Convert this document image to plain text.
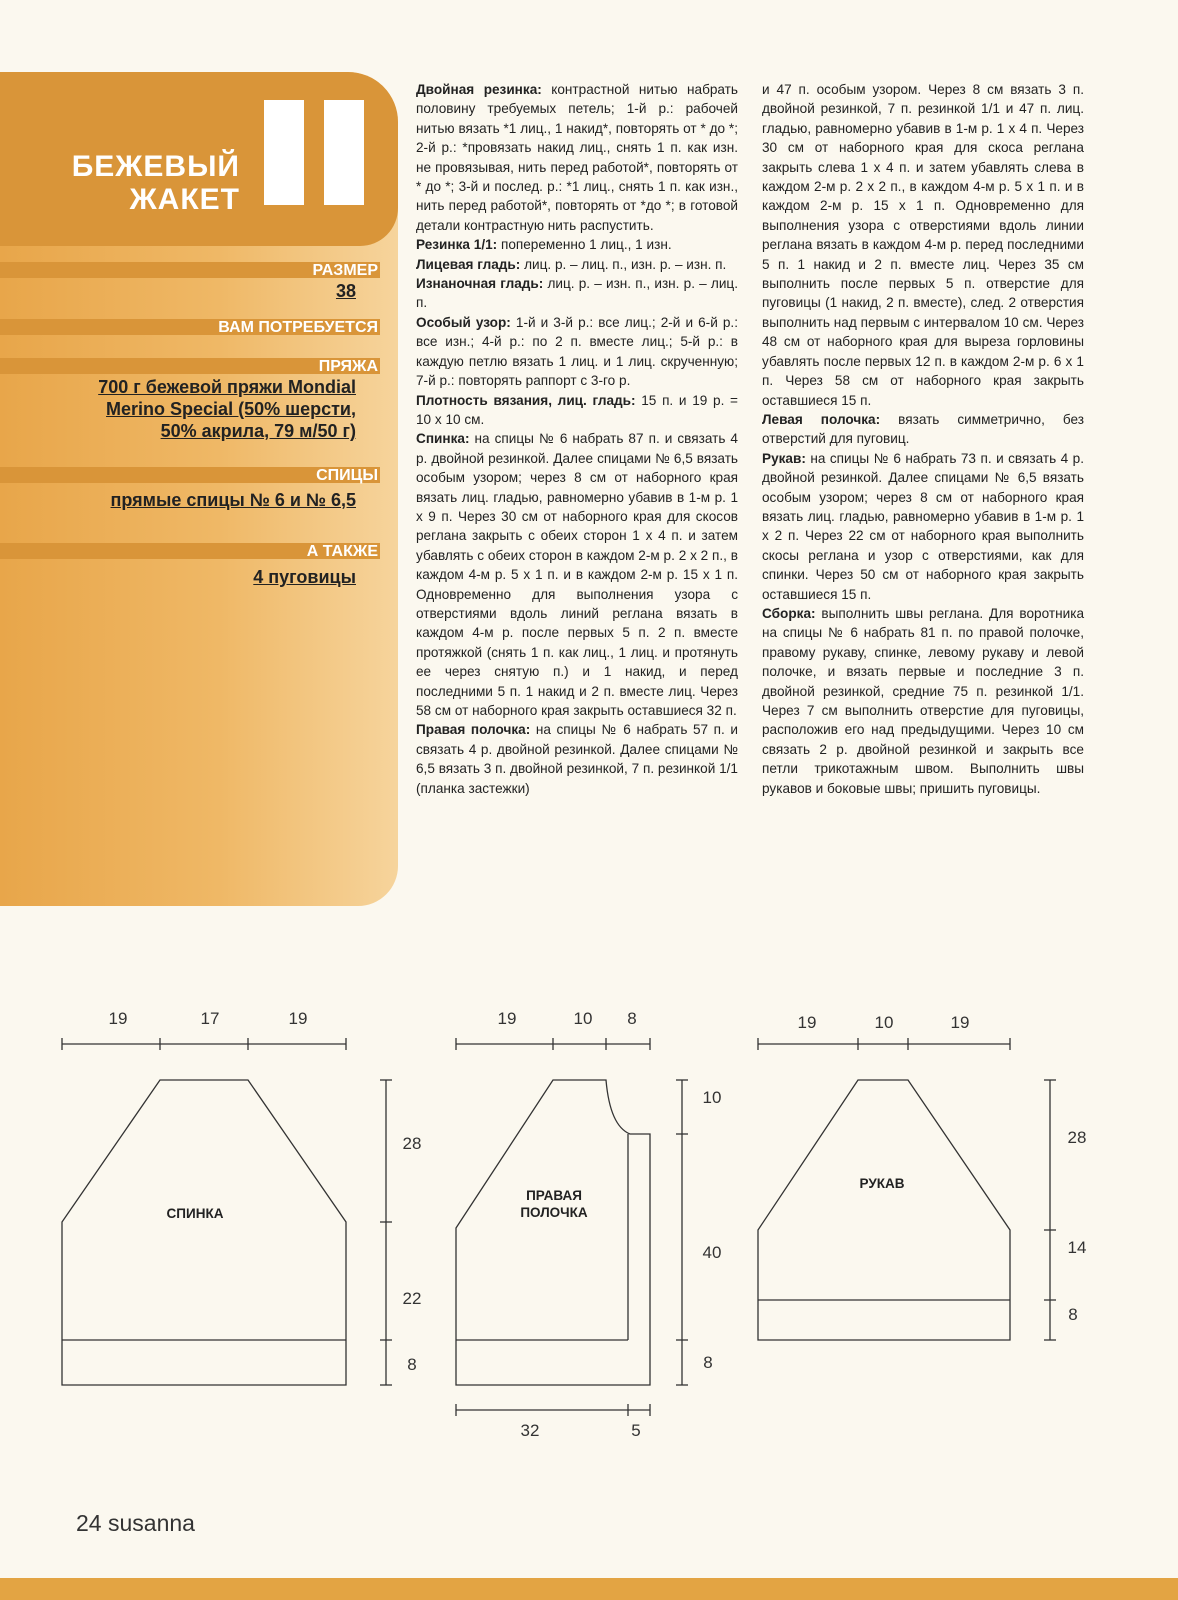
БЕЖЕВЫЙ
ЖАКЕТ
РАЗМЕР
38
ВАМ ПОТРЕБУЕТСЯ
ПРЯЖА
700 г бежевой пряжи Mondial
Merino Special (50% шерсти,
50% акрила, 79 м/50 г)
СПИЦЫ
прямые спицы № 6 и № 6,5
А ТАКЖЕ
4 пуговицы

Двойная резинка: контрастной нитью набрать половину требуемых петель; 1-й р.: рабочей нитью вязать *1 лиц., 1 накид*, повторять от * до *; 2-й р.: *провязать накид лиц., снять 1 п. как изн. не провязывая, нить перед работой*, повторять от * до *; 3-й и послед. р.: *1 лиц., снять 1 п. как изн., нить перед работой*, повторять от *до *; в готовой детали контрастную нить распустить.

Резинка 1/1: попеременно 1 лиц., 1 изн.

Лицевая гладь: лиц. р. – лиц. п., изн. р. – изн. п.

Изнаночная гладь: лиц. р. – изн. п., изн. р. – лиц. п.

Особый узор: 1-й и 3-й р.: все лиц.; 2-й и 6-й р.: все изн.; 4-й р.: по 2 п. вместе лиц.; 5-й р.: в каждую петлю вязать 1 лиц. и 1 лиц. скрученную; 7-й р.: повторять раппорт с 3-го р.

Плотность вязания, лиц. гладь: 15 п. и 19 р. = 10 х 10 см.

Спинка: на спицы № 6 набрать 87 п. и связать 4 р. двойной резинкой. Далее спицами № 6,5 вязать особым узором; через 8 см от наборного края вязать лиц. гладью, равномерно убавив в 1-м р. 1 х 9 п. Через 30 см от наборного края для скосов реглана закрыть с обеих сторон 1 х 4 п. и затем убавлять с обеих сторон в каждом 2-м р. 2 х 2 п., в каждом 4-м р. 5 х 1 п. и в каждом 2-м р. 15 х 1 п. Одновременно для выполнения узора с отверстиями вдоль линий реглана вязать в каждом 4-м р. после первых 5 п. 2 п. вместе протяжкой (снять 1 п. как лиц., 1 лиц. и протянуть ее через снятую п.) и 1 накид, и перед последними 5 п. 1 накид и 2 п. вместе лиц. Через 58 см от наборного края закрыть оставшиеся 32 п.

Правая полочка: на спицы № 6 набрать 57 п. и связать 4 р. двойной резинкой. Далее спицами № 6,5 вязать 3 п. двойной резинкой, 7 п. резинкой 1/1 (планка застежки)

и 47 п. особым узором. Через 8 см вязать 3 п. двойной резинкой, 7 п. резинкой 1/1 и 47 п. лиц. гладью, равномерно убавив в 1-м р. 1 х 4 п. Через 30 см от наборного края для скоса реглана закрыть слева 1 х 4 п. и затем убавлять слева в каждом 2-м р. 2 х 2 п., в каждом 4-м р. 5 х 1 п. и в каждом 2-м р. 15 х 1 п. Одновременно для выполнения узора с отверстиями вдоль линии реглана вязать в каждом 4-м р. перед последними 5 п. 1 накид и 2 п. вместе лиц. Через 35 см выполнить после первых 5 п. отверстие для пуговицы (1 накид, 2 п. вместе), след. 2 отверстия выполнить над первым с интервалом 10 см. Через 48 см от наборного края для выреза горловины убавлять после первых 12 п. в каждом 2-м р. 6 х 1 п. Через 58 см от наборного края закрыть оставшиеся 15 п.

Левая полочка: вязать симметрично, без отверстий для пуговиц.

Рукав: на спицы № 6 набрать 73 п. и связать 4 р. двойной резинкой. Далее спицами № 6,5 вязать особым узором; через 8 см от наборного края вязать лиц. гладью, равномерно убавив в 1-м р. 1 х 2 п. Через 22 см от наборного края выполнить скосы реглана и узор с отверстиями, как для спинки. Через 50 см от наборного края закрыть оставшиеся 15 п.

Сборка: выполнить швы реглана. Для воротника на спицы № 6 набрать 81 п. по правой полочке, правому рукаву, спинке, левому рукаву и левой полочке, и вязать первые и последние 3 п. двойной резинкой, средние 75 п. резинкой 1/1. Через 7 см выполнить отверстие для пуговицы, расположив его над предыдущими. Через 10 см связать 2 р. двойной резинкой и закрыть все петли трикотажным швом. Выполнить швы рукавов и боковые швы; пришить пуговицы.

19	17	19
28
22
8
19	10 8
10
40
8
32	5
19	10	19
28
14
8
СПИНКА
ПРАВАЯ
ПОЛОЧКА
РУКАВ
24 susanna
